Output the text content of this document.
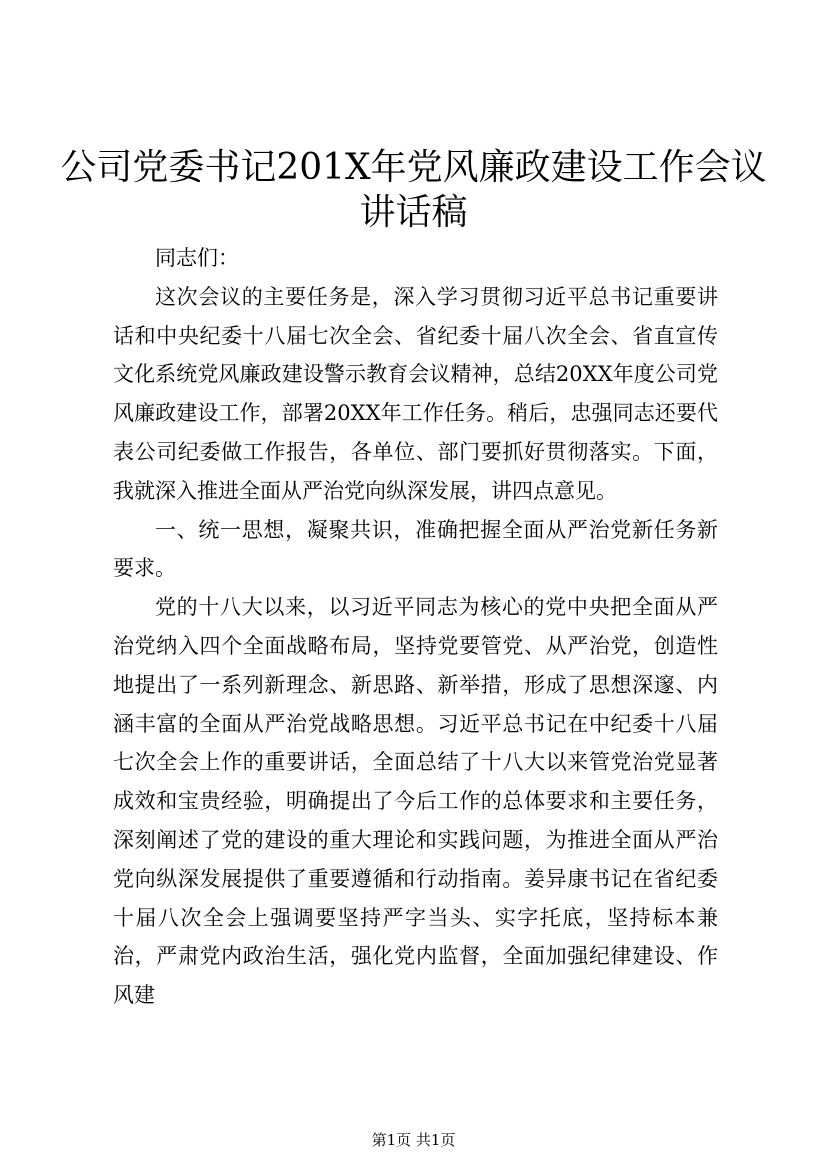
公司党委书记201X年党风廉政建设工作会议
讲话稿

同志们：

这次会议的主要任务是，深入学习贯彻习近平总书记重要讲话和中央纪委十八届七次全会、省纪委十届八次全会、省直宣传文化系统党风廉政建设警示教育会议精神，总结20XX年度公司党风廉政建设工作，部署20XX年工作任务。稍后，忠强同志还要代表公司纪委做工作报告，各单位、部门要抓好贯彻落实。下面，我就深入推进全面从严治党向纵深发展，讲四点意见。

一、统一思想，凝聚共识，准确把握全面从严治党新任务新要求。

党的十八大以来，以习近平同志为核心的党中央把全面从严治党纳入四个全面战略布局，坚持党要管党、从严治党，创造性地提出了一系列新理念、新思路、新举措，形成了思想深邃、内涵丰富的全面从严治党战略思想。习近平总书记在中纪委十八届七次全会上作的重要讲话，全面总结了十八大以来管党治党显著成效和宝贵经验，明确提出了今后工作的总体要求和主要任务，深刻阐述了党的建设的重大理论和实践问题，为推进全面从严治党向纵深发展提供了重要遵循和行动指南。姜异康书记在省纪委十届八次全会上强调要坚持严字当头、实字托底，坚持标本兼治，严肃党内政治生活，强化党内监督，全面加强纪律建设、作风建

第1页 共1页
